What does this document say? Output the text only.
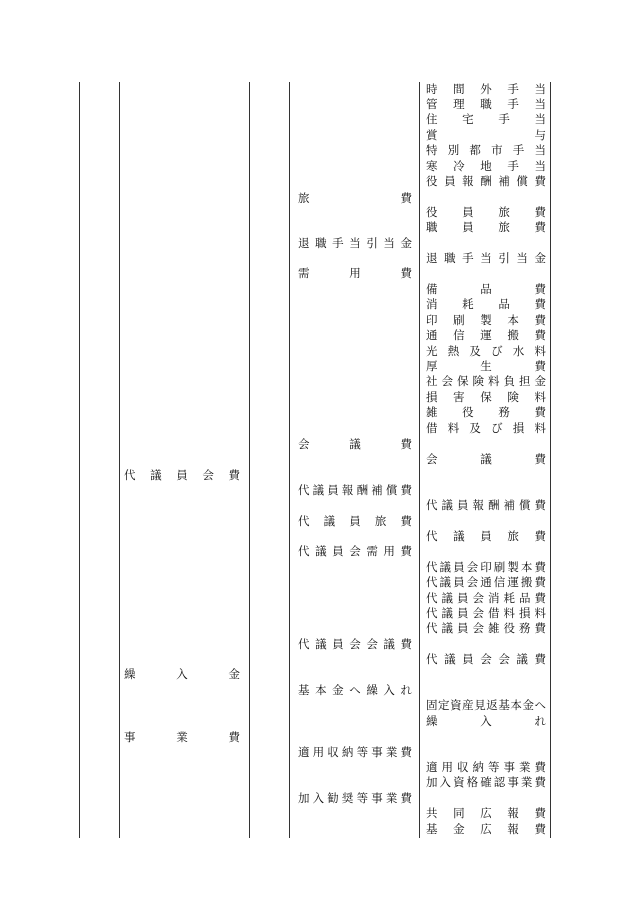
代議員会費
繰入金
事業費
旅費
退職手当引当金
需用費
会議費
代議員報酬補償費
代議員旅費
代議員会需用費
代議員会会議費
基本金へ繰入れ
適用収納等事業費
加入勧奨等事業費
時間外手当
管理職手当
住宅手当
賞与
特別都市手当
寒冷地手当
役員報酬補償費
役員旅費
職員旅費
退職手当引当金
備品費
消耗品費
印刷製本費
通信運搬費
光熱及び水料
厚生費
社会保険料負担金
損害保険料
雑役務費
借料及び損料
会議費
代議員報酬補償費
代議員旅費
代議員会印刷製本費
代議員会通信運搬費
代議員会消耗品費
代議員会借料損料
代議員会雑役務費
代議員会会議費
固定資産見返基本金へ
繰入れ
適用収納等事業費
加入資格確認事業費
共同広報費
基金広報費
